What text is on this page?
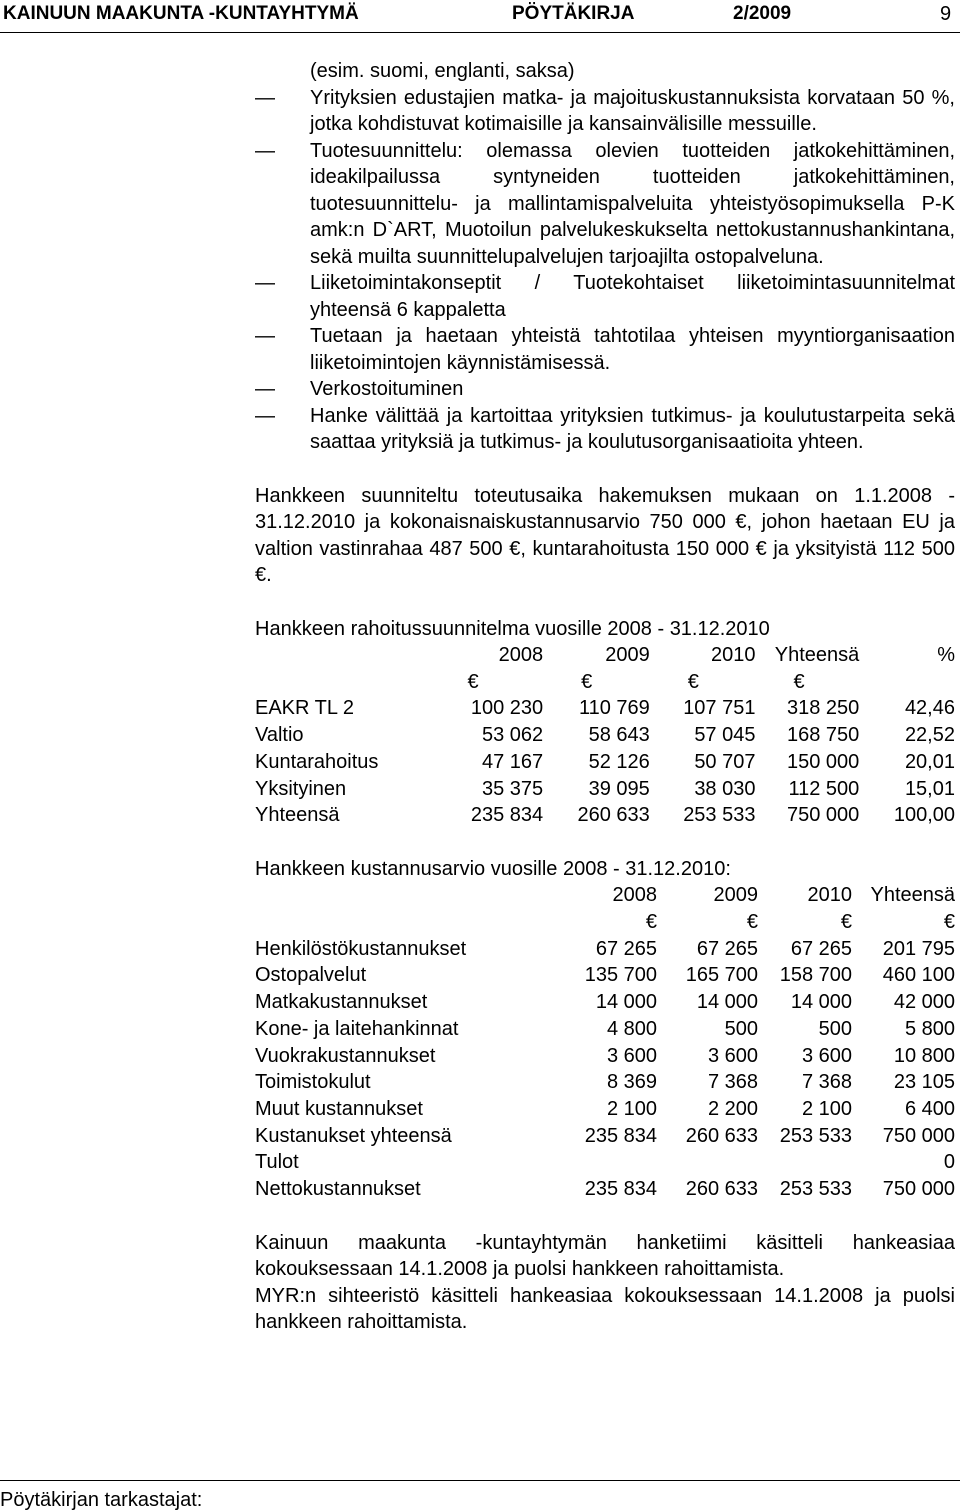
KAINUUN MAAKUNTA -KUNTAYHTYMÄ	PÖYTÄKIRJA	2/2009	9

(esim. suomi, englanti, saksa)

—	Yrityksien edustajien matka- ja majoituskustannuksista korvataan 50 %, jotka kohdistuvat kotimaisille ja kansainvälisille messuille.
—	Tuotesuunnittelu: olemassa olevien tuotteiden jatkokehittäminen, ideakilpailussa syntyneiden tuotteiden jatkokehittäminen, tuotesuunnittelu- ja mallintamispalveluita yhteistyösopimuksella P-K amk:n D`ART, Muotoilun palvelukeskukselta nettokustannushankintana, sekä muilta suunnittelupalvelujen tarjoajilta ostopalveluna.
—	Liiketoimintakonseptit / Tuotekohtaiset liiketoimintasuunnitelmat yhteensä 6 kappaletta
—	Tuetaan ja haetaan yhteistä tahtotilaa yhteisen myyntiorganisaation liiketoimintojen käynnistämisessä.
—	Verkostoituminen
—	Hanke välittää ja kartoittaa yrityksien tutkimus- ja koulutustarpeita sekä saattaa yrityksiä ja tutkimus- ja koulutusorganisaatioita yhteen.

Hankkeen suunniteltu toteutusaika hakemuksen mukaan on 1.1.2008 - 31.12.2010 ja kokonaisnaiskustannusarvio 750 000 €, johon haetaan EU ja valtion vastinrahaa 487 500 €, kuntarahoitusta 150 000 € ja yksityistä 112 500 €.

Hankkeen rahoitussuunnitelma vuosille 2008 - 31.12.2010

	2008	2009	2010	Yhteensä	%
	€	€	€	€	
EAKR TL 2	100 230	110 769	107 751	318 250	42,46
Valtio	53 062	58 643	57 045	168 750	22,52
Kuntarahoitus	47 167	52 126	50 707	150 000	20,01
Yksityinen	35 375	39 095	38 030	112 500	15,01
Yhteensä	235 834	260 633	253 533	750 000	100,00

Hankkeen kustannusarvio vuosille 2008 - 31.12.2010:

	2008	2009	2010	Yhteensä
	€	€	€	€
Henkilöstökustannukset	67 265	67 265	67 265	201 795
Ostopalvelut	135 700	165 700	158 700	460 100
Matkakustannukset	14 000	14 000	14 000	42 000
Kone- ja laitehankinnat	4 800	500	500	5 800
Vuokrakustannukset	3 600	3 600	3 600	10 800
Toimistokulut	8 369	7 368	7 368	23 105
Muut kustannukset	2 100	2 200	2 100	6 400
Kustanukset yhteensä	235 834	260 633	253 533	750 000
Tulot				0
Nettokustannukset	235 834	260 633	253 533	750 000

Kainuun maakunta -kuntayhtymän hanketiimi käsitteli hankeasiaa kokouksessaan 14.1.2008 ja puolsi hankkeen rahoittamista.

MYR:n sihteeristö käsitteli hankeasiaa kokouksessaan 14.1.2008 ja puolsi hankkeen rahoittamista.

Pöytäkirjan tarkastajat:
